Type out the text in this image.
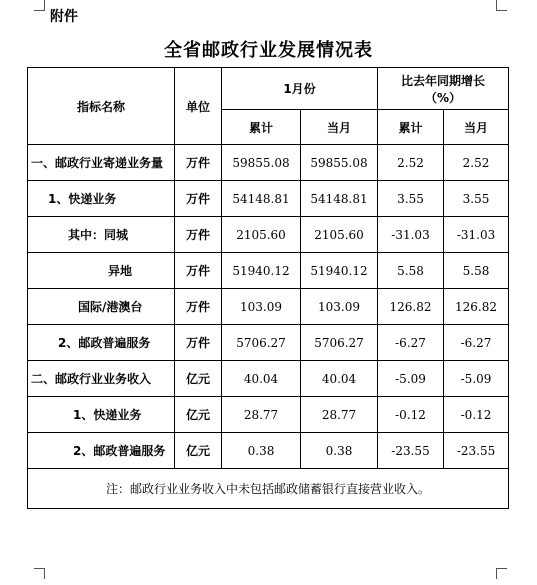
附件
全省邮政行业发展情况表
指标名称	单位	1月份		比去年同期增长
（%）	

		累计	当月	累计	当月
一、邮政行业寄递业务量	万件	59855.08	59855.08	2.52	2.52
1、快递业务	万件	54148.81	54148.81	3.55	3.55
其中：同城	万件	2105.60	2105.60	-31.03	-31.03
异地	万件	51940.12	51940.12	5.58	5.58
国际/港澳台	万件	103.09	103.09	126.82	126.82
2、邮政普遍服务	万件	5706.27	5706.27	-6.27	-6.27
二、邮政行业业务收入	亿元	40.04	40.04	-5.09	-5.09
1、快递业务	亿元	28.77	28.77	-0.12	-0.12
2、邮政普遍服务	亿元	0.38	0.38	-23.55	-23.55
注：邮政行业业务收入中未包括邮政储蓄银行直接营业收入。					
